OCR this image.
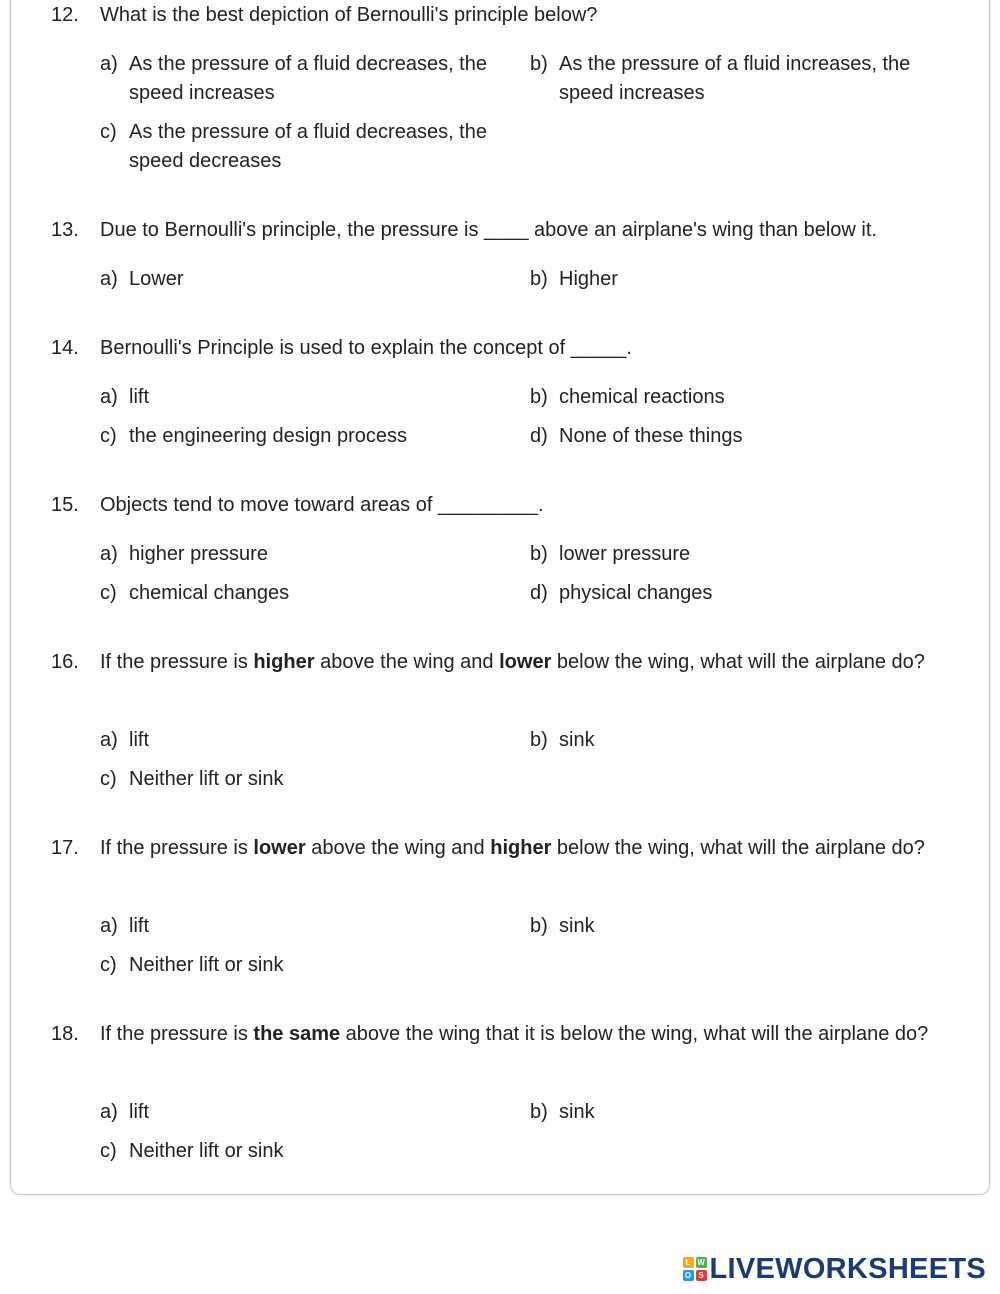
12. What is the best depiction of Bernoulli's principle below?
a) As the pressure of a fluid decreases, the speed increases
b) As the pressure of a fluid increases, the speed increases
c) As the pressure of a fluid decreases, the speed decreases
13. Due to Bernoulli's principle, the pressure is ____ above an airplane's wing than below it.
a) Lower	b) Higher
14. Bernoulli's Principle is used to explain the concept of _____.
a) lift	b) chemical reactions
c) the engineering design process	d) None of these things
15. Objects tend to move toward areas of _________.
a) higher pressure	b) lower pressure
c) chemical changes	d) physical changes
16. If the pressure is higher above the wing and lower below the wing, what will the airplane do?
a) lift	b) sink
c) Neither lift or sink
17. If the pressure is lower above the wing and higher below the wing, what will the airplane do?
a) lift	b) sink
c) Neither lift or sink
18. If the pressure is the same above the wing that it is below the wing, what will the airplane do?
a) lift	b) sink
c) Neither lift or sink
L W
O S LIVEWORKSHEETS
